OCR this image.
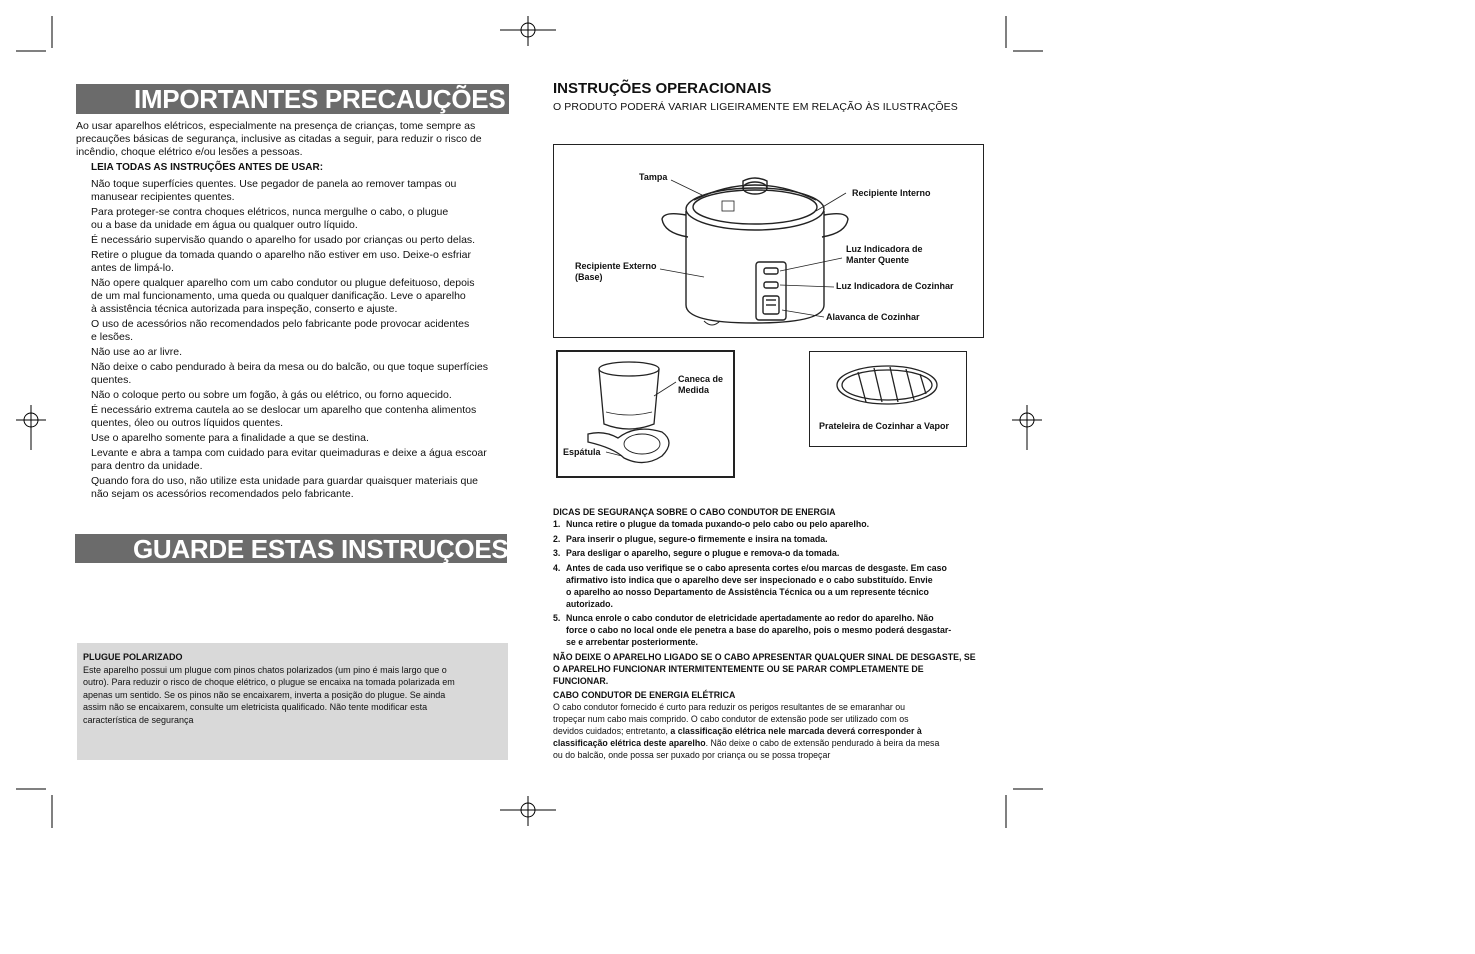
IMPORTANTES PRECAUÇÕES
Ao usar aparelhos elétricos, especialmente na presença de crianças, tome sempre as
precauções básicas de segurança, inclusive as citadas a seguir, para reduzir o risco de
incêndio, choque elétrico e/ou lesões a pessoas.
LEIA TODAS AS INSTRUÇÕES ANTES DE USAR:
Não toque superfícies quentes. Use pegador de panela ao remover tampas ou
manusear recipientes quentes.
Para proteger-se contra choques elétricos, nunca mergulhe o cabo, o plugue
ou a base da unidade em água ou qualquer outro líquido.
É necessário supervisão quando o aparelho for usado por crianças ou perto delas.
Retire o plugue da tomada quando o aparelho não estiver em uso. Deixe-o esfriar
antes de limpá-lo.
Não opere qualquer aparelho com um cabo condutor ou plugue defeituoso, depois
de um mal funcionamento, uma queda ou qualquer danificação. Leve o aparelho
à assistência técnica autorizada para inspeção, conserto e ajuste.
O uso de acessórios não recomendados pelo fabricante pode provocar acidentes
e lesões.
Não use ao ar livre.
Não deixe o cabo pendurado à beira da mesa ou do balcão, ou que toque superfícies
quentes.
Não o coloque perto ou sobre um fogão, à gás ou elétrico, ou forno aquecido.
É necessário extrema cautela ao se deslocar um aparelho que contenha alimentos
quentes, óleo ou outros líquidos quentes.
Use o aparelho somente para a finalidade a que se destina.
Levante e abra a tampa com cuidado para evitar queimaduras e deixe a água escoar
para dentro da unidade.
Quando fora do uso, não utilize esta unidade para guardar quaisquer materiais que
não sejam os acessórios recomendados pelo fabricante.
GUARDE ESTAS INSTRUÇOES
PLUGUE POLARIZADO
Este aparelho possui um plugue com pinos chatos polarizados (um pino é mais largo que o
outro). Para reduzir o risco de choque elétrico, o plugue se encaixa na tomada polarizada em
apenas um sentido. Se os pinos não se encaixarem, inverta a posição do plugue. Se ainda
assim não se encaixarem, consulte um eletricista qualificado. Não tente modificar esta
característica de segurança
INSTRUÇÕES OPERACIONAIS
O PRODUTO PODERÁ VARIAR LIGEIRAMENTE EM RELAÇÃO ÀS ILUSTRAÇÕES
Tampa
Recipiente Interno
Luz Indicadora de
Manter Quente
Recipiente Externo
(Base)
Luz Indicadora de Cozinhar
Alavanca de Cozinhar
Caneca de
Medida
Espátula
Prateleira de Cozinhar a Vapor
DICAS DE SEGURANÇA SOBRE O CABO CONDUTOR DE ENERGIA
1. Nunca retire o plugue da tomada puxando-o pelo cabo ou pelo aparelho.
2. Para inserir o plugue, segure-o firmemente e insira na tomada.
3. Para desligar o aparelho, segure o plugue e remova-o da tomada.
4. Antes de cada uso verifique se o cabo apresenta cortes e/ou marcas de desgaste. Em caso
afirmativo isto indica que o aparelho deve ser inspecionado e o cabo substituído. Envie
o aparelho ao nosso Departamento de Assistência Técnica ou a um represente técnico
autorizado.
5. Nunca enrole o cabo condutor de eletricidade apertadamente ao redor do aparelho. Não
force o cabo no local onde ele penetra a base do aparelho, pois o mesmo poderá desgastar-
se e arrebentar posteriormente.
NÃO DEIXE O APARELHO LIGADO SE O CABO APRESENTAR QUALQUER SINAL DE DESGASTE, SE
O APARELHO FUNCIONAR INTERMITENTEMENTE OU SE PARAR COMPLETAMENTE DE
FUNCIONAR.
CABO CONDUTOR DE ENERGIA ELÉTRICA
O cabo condutor fornecido é curto para reduzir os perigos resultantes de se emaranhar ou
tropeçar num cabo mais comprido. O cabo condutor de extensão pode ser utilizado com os
devidos cuidados; entretanto, a classificação elétrica nele marcada deverá corresponder à
classificação elétrica deste aparelho. Não deixe o cabo de extensão pendurado à beira da mesa
ou do balcão, onde possa ser puxado por criança ou se possa tropeçar
